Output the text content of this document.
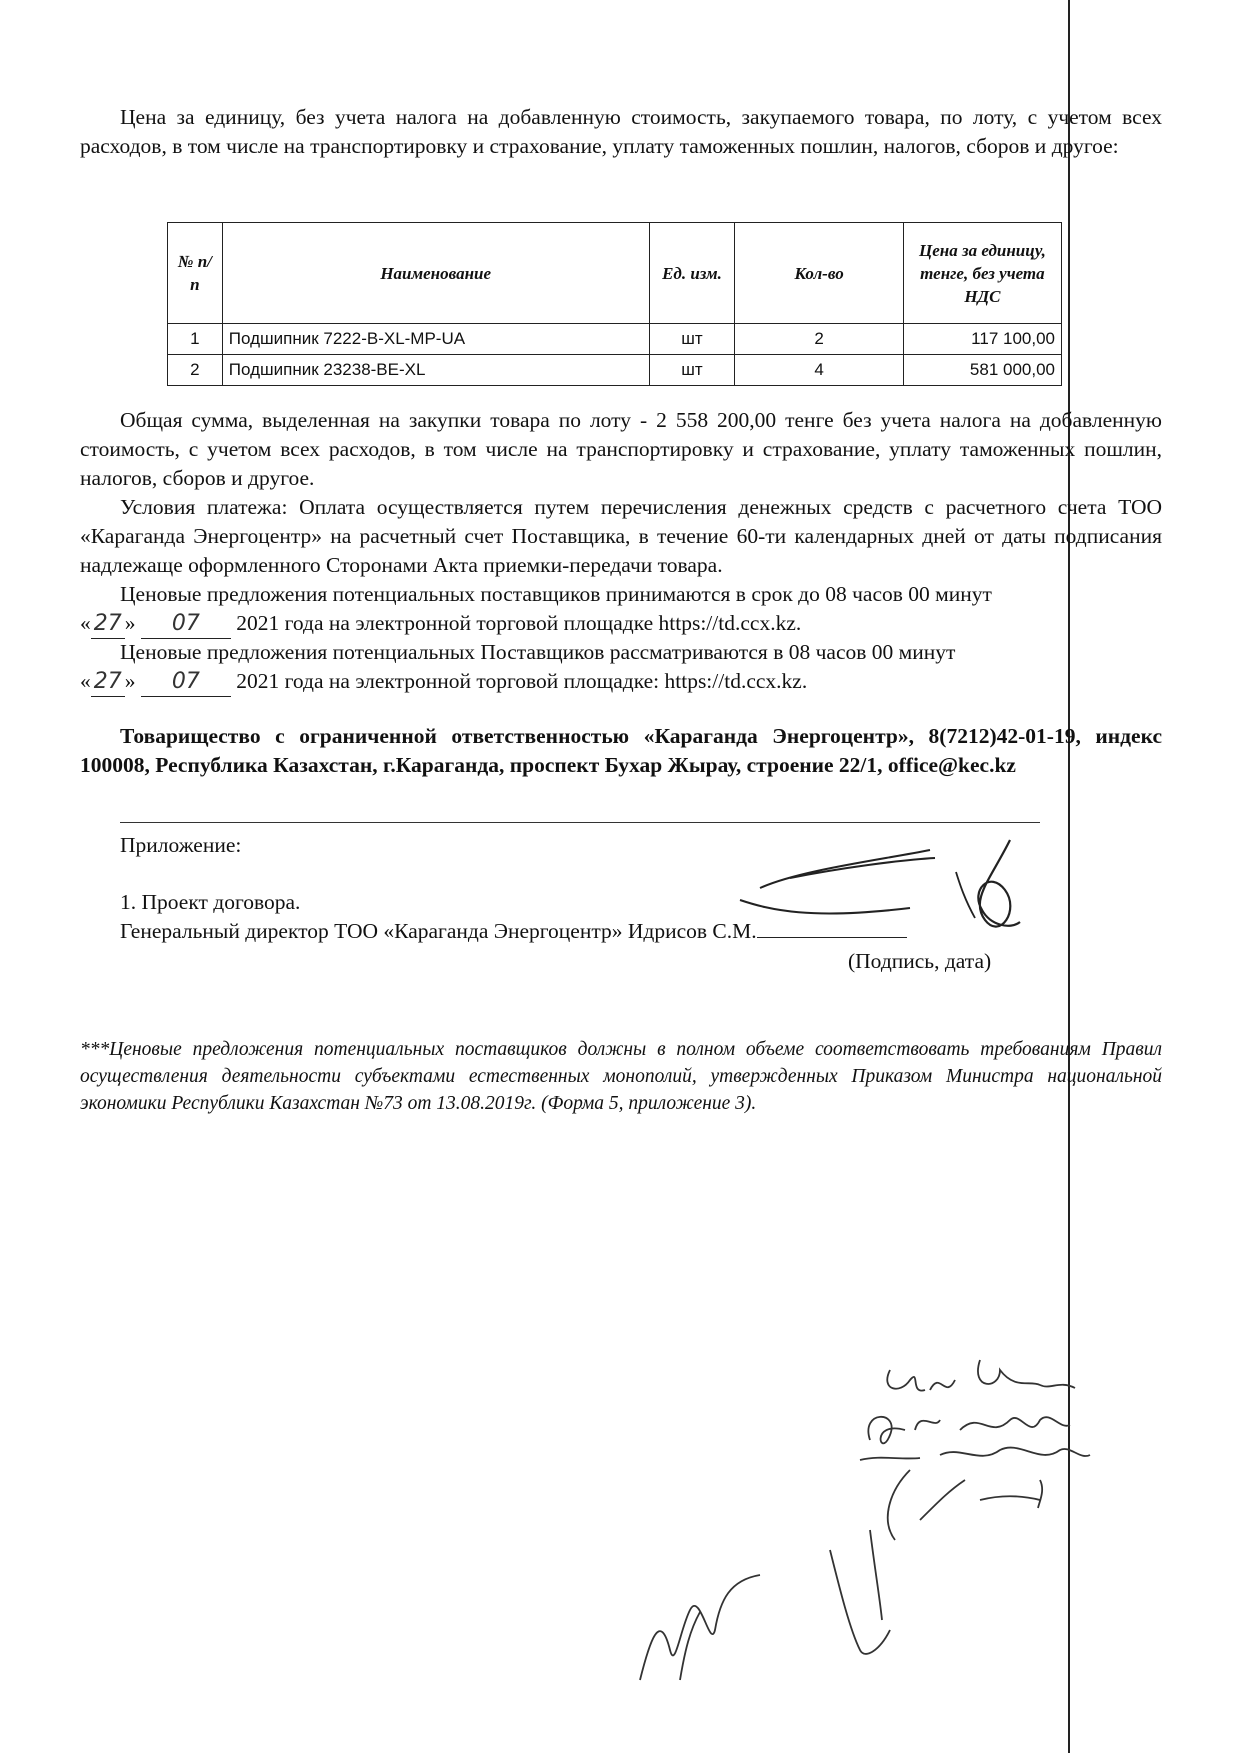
Цена за единицу, без учета налога на добавленную стоимость, закупаемого товара, по лоту, с учетом всех расходов, в том числе на транспортировку и страхование, уплату таможенных пошлин, налогов, сборов и другое:

№ п/п	Наименование	Ед. изм.	Кол-во	Цена за единицу, тенге, без учета НДС
1	Подшипник 7222-B-XL-MP-UA	шт	2	117 100,00
2	Подшипник 23238-BE-XL	шт	4	581 000,00

Общая сумма, выделенная на закупки товара по лоту - 2 558 200,00 тенге без учета налога на добавленную стоимость, с учетом всех расходов, в том числе на транспортировку и страхование, уплату таможенных пошлин, налогов, сборов и другое.

Условия платежа: Оплата осуществляется путем перечисления денежных средств с расчетного счета ТОО «Караганда Энергоцентр» на расчетный счет Поставщика, в течение 60-ти календарных дней от даты подписания надлежаще оформленного Сторонами Акта приемки-передачи товара.

Ценовые предложения потенциальных поставщиков принимаются в срок до 08 часов 00 минут

« 27 » 07 2021 года на электронной торговой площадке https://td.ccx.kz.

Ценовые предложения потенциальных Поставщиков рассматриваются в 08 часов 00 минут

« 27 » 07 2021 года на электронной торговой площадке: https://td.ccx.kz.

Товарищество с ограниченной ответственностью «Караганда Энергоцентр», 8(7212)42-01-19, индекс 100008, Республика Казахстан, г.Караганда, проспект Бухар Жырау, строение 22/1, office@kec.kz

Приложение:

1. Проект договора.

Генеральный директор ТОО «Караганда Энергоцентр» Идрисов С.М.

(Подпись, дата)

***Ценовые предложения потенциальных поставщиков должны в полном объеме соответствовать требованиям Правил осуществления деятельности субъектами естественных монополий, утвержденных Приказом Министра национальной экономики Республики Казахстан №73 от 13.08.2019г. (Форма 5, приложение 3).
